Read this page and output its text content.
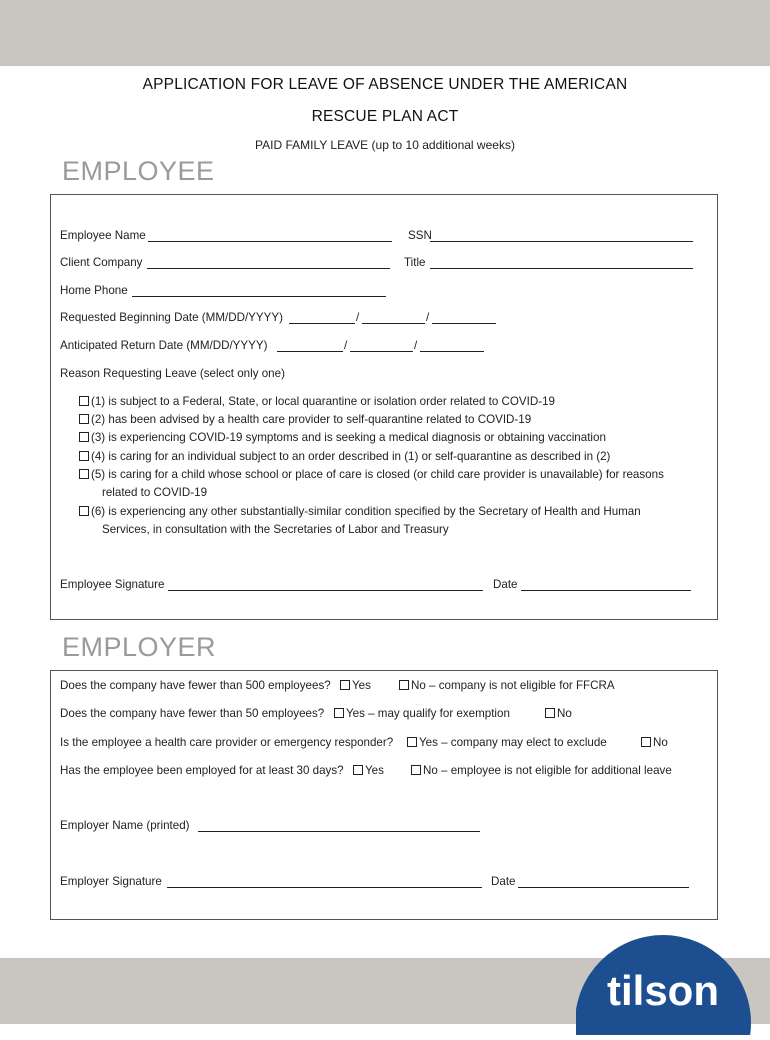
APPLICATION FOR LEAVE OF ABSENCE UNDER THE AMERICAN
RESCUE PLAN ACT
PAID FAMILY LEAVE (up to 10 additional weeks)
EMPLOYEE
Employee Name	SSN
Client Company	Title
Home Phone
Requested Beginning Date (MM/DD/YYYY)	/	/
Anticipated Return Date (MM/DD/YYYY)	/	/
Reason Requesting Leave (select only one)
(1) is subject to a Federal, State, or local quarantine or isolation order related to COVID-19
(2) has been advised by a health care provider to self-quarantine related to COVID-19
(3) is experiencing COVID-19 symptoms and is seeking a medical diagnosis or obtaining vaccination
(4) is caring for an individual subject to an order described in (1) or self-quarantine as described in (2)
(5) is caring for a child whose school or place of care is closed (or child care provider is unavailable) for reasons
related to COVID-19
(6) is experiencing any other substantially-similar condition specified by the Secretary of Health and Human
Services, in consultation with the Secretaries of Labor and Treasury
Employee Signature	Date
EMPLOYER
Does the company have fewer than 500 employees?	Yes	No – company is not eligible for FFCRA
Does the company have fewer than 50 employees?	Yes – may qualify for exemption	No
Is the employee a health care provider or emergency responder?	Yes – company may elect to exclude	No
Has the employee been employed for at least 30 days?	Yes	No – employee is not eligible for additional leave
Employer Name (printed)
Employer Signature	Date
tilson
